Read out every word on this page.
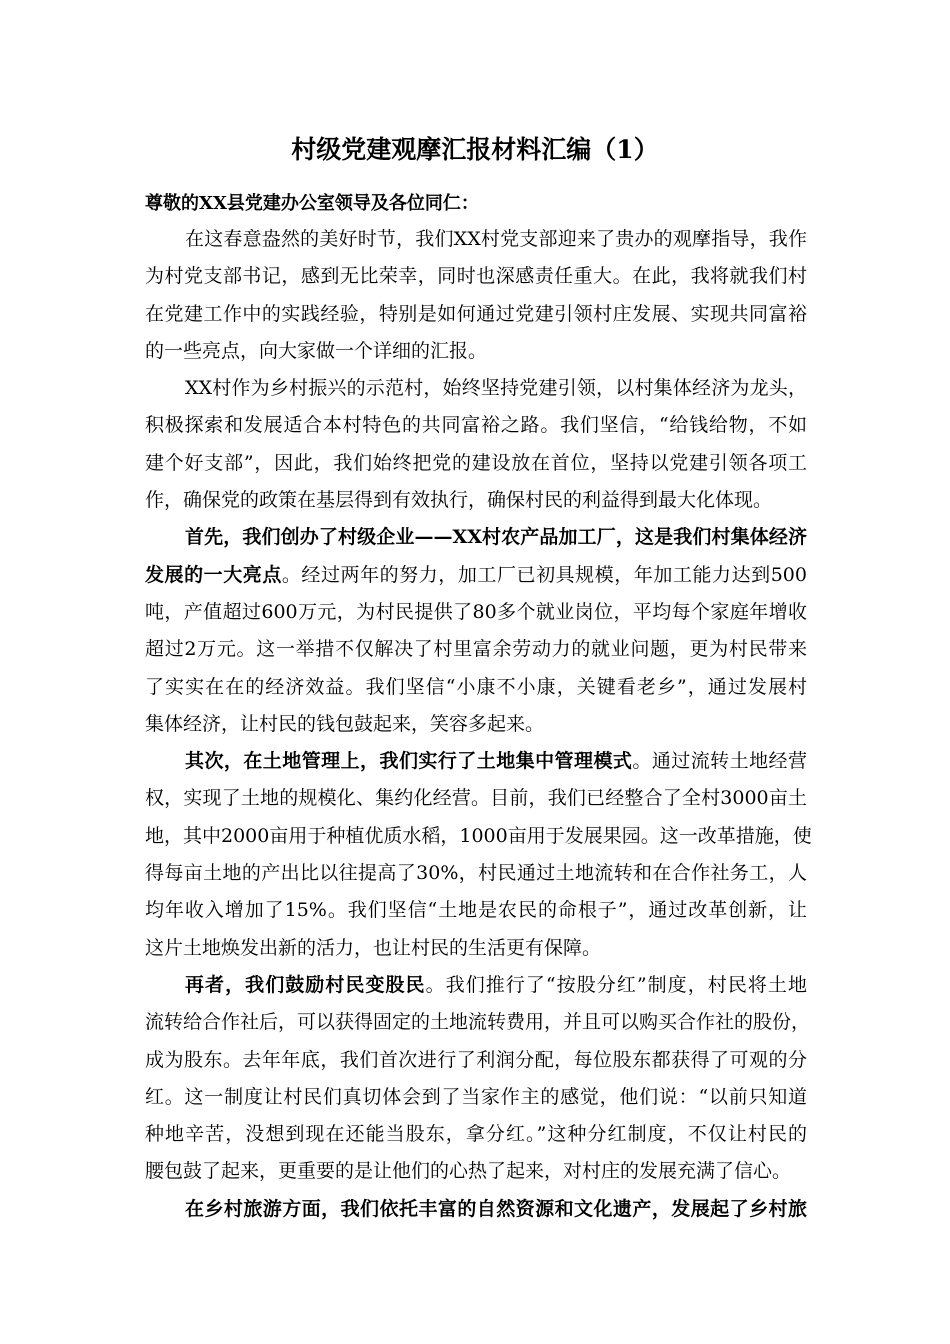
村级党建观摩汇报材料汇编（1）
尊敬的XX县党建办公室领导及各位同仁：
在这春意盎然的美好时节，我们XX村党支部迎来了贵办的观摩指导，我作
为村党支部书记，感到无比荣幸，同时也深感责任重大。在此，我将就我们村
在党建工作中的实践经验，特别是如何通过党建引领村庄发展、实现共同富裕
的一些亮点，向大家做一个详细的汇报。
XX村作为乡村振兴的示范村，始终坚持党建引领，以村集体经济为龙头，
积极探索和发展适合本村特色的共同富裕之路。我们坚信，“给钱给物，不如
建个好支部”，因此，我们始终把党的建设放在首位，坚持以党建引领各项工
作，确保党的政策在基层得到有效执行，确保村民的利益得到最大化体现。
首先，我们创办了村级企业——XX村农产品加工厂，这是我们村集体经济
发展的一大亮点。经过两年的努力，加工厂已初具规模，年加工能力达到500
吨，产值超过600万元，为村民提供了80多个就业岗位，平均每个家庭年增收
超过2万元。这一举措不仅解决了村里富余劳动力的就业问题，更为村民带来
了实实在在的经济效益。我们坚信“小康不小康，关键看老乡”，通过发展村
集体经济，让村民的钱包鼓起来，笑容多起来。
其次，在土地管理上，我们实行了土地集中管理模式。通过流转土地经营
权，实现了土地的规模化、集约化经营。目前，我们已经整合了全村3000亩土
地，其中2000亩用于种植优质水稻，1000亩用于发展果园。这一改革措施，使
得每亩土地的产出比以往提高了30%，村民通过土地流转和在合作社务工，人
均年收入增加了15%。我们坚信“土地是农民的命根子”，通过改革创新，让
这片土地焕发出新的活力，也让村民的生活更有保障。
再者，我们鼓励村民变股民。我们推行了“按股分红”制度，村民将土地
流转给合作社后，可以获得固定的土地流转费用，并且可以购买合作社的股份，
成为股东。去年年底，我们首次进行了利润分配，每位股东都获得了可观的分
红。这一制度让村民们真切体会到了当家作主的感觉，他们说：“以前只知道
种地辛苦，没想到现在还能当股东，拿分红。”这种分红制度，不仅让村民的
腰包鼓了起来，更重要的是让他们的心热了起来，对村庄的发展充满了信心。
在乡村旅游方面，我们依托丰富的自然资源和文化遗产，发展起了乡村旅
